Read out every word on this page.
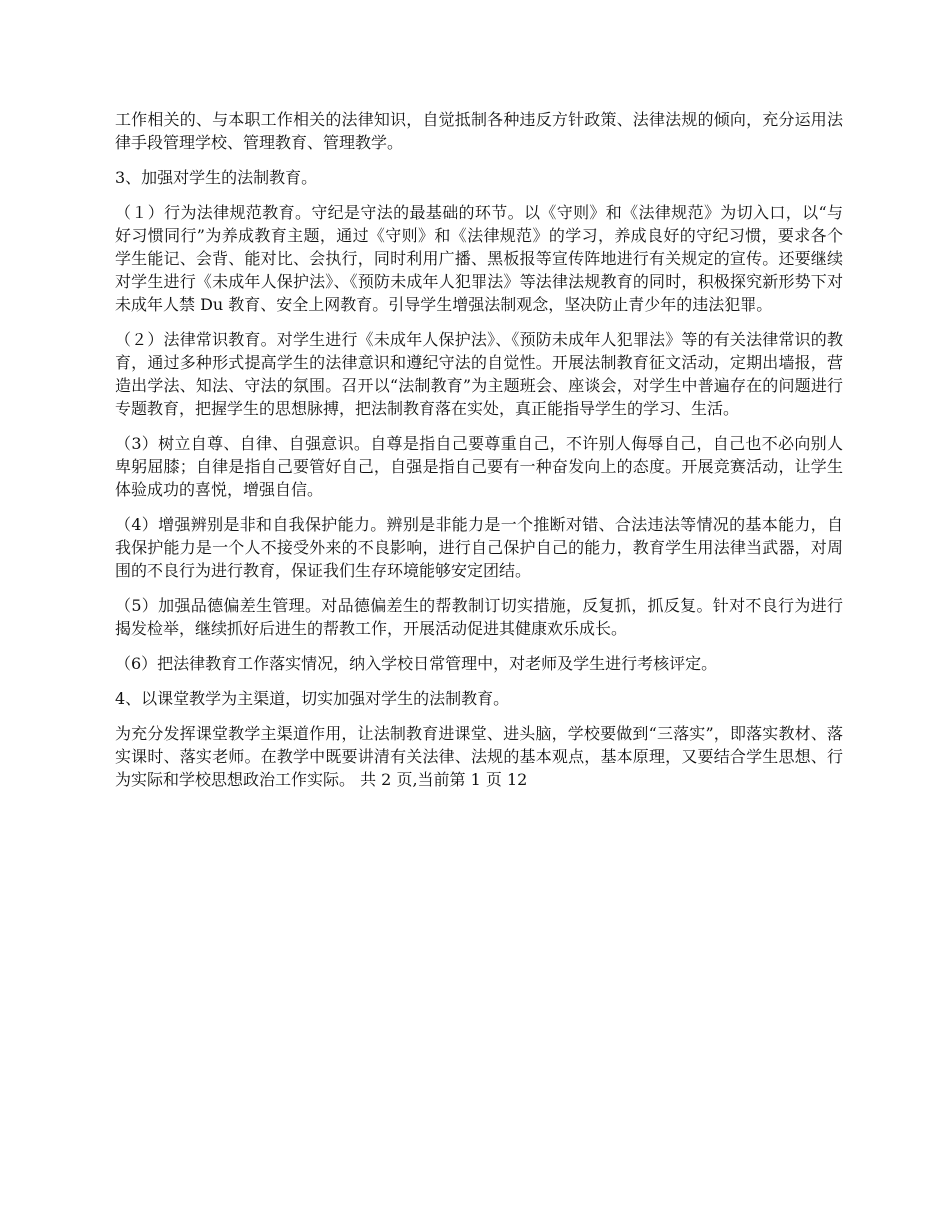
工作相关的、与本职工作相关的法律知识，自觉抵制各种违反方针政策、法律法规的倾向，充分运用法律手段管理学校、管理教育、管理教学。

3、加强对学生的法制教育。

（１）行为法律规范教育。守纪是守法的最基础的环节。以《守则》和《法律规范》为切入口，以“与好习惯同行”为养成教育主题，通过《守则》和《法律规范》的学习，养成良好的守纪习惯，要求各个学生能记、会背、能对比、会执行，同时利用广播、黑板报等宣传阵地进行有关规定的宣传。还要继续对学生进行《未成年人保护法》、《预防未成年人犯罪法》等法律法规教育的同时，积极探究新形势下对未成年人禁 Du 教育、安全上网教育。引导学生增强法制观念，坚决防止青少年的违法犯罪。

（２）法律常识教育。对学生进行《未成年人保护法》、《预防未成年人犯罪法》等的有关法律常识的教育，通过多种形式提高学生的法律意识和遵纪守法的自觉性。开展法制教育征文活动，定期出墙报，营造出学法、知法、守法的氛围。召开以“法制教育”为主题班会、座谈会，对学生中普遍存在的问题进行专题教育，把握学生的思想脉搏，把法制教育落在实处，真正能指导学生的学习、生活。

（3）树立自尊、自律、自强意识。自尊是指自己要尊重自己，不许别人侮辱自己，自己也不必向别人卑躬屈膝；自律是指自己要管好自己，自强是指自己要有一种奋发向上的态度。开展竞赛活动，让学生体验成功的喜悦，增强自信。

（4）增强辨别是非和自我保护能力。辨别是非能力是一个推断对错、合法违法等情况的基本能力，自我保护能力是一个人不接受外来的不良影响，进行自己保护自己的能力，教育学生用法律当武器，对周围的不良行为进行教育，保证我们生存环境能够安定团结。

（5）加强品德偏差生管理。对品德偏差生的帮教制订切实措施，反复抓，抓反复。针对不良行为进行揭发检举，继续抓好后进生的帮教工作，开展活动促进其健康欢乐成长。

（6）把法律教育工作落实情况，纳入学校日常管理中，对老师及学生进行考核评定。

4、以课堂教学为主渠道，切实加强对学生的法制教育。

为充分发挥课堂教学主渠道作用，让法制教育进课堂、进头脑，学校要做到“三落实”，即落实教材、落实课时、落实老师。在教学中既要讲清有关法律、法规的基本观点，基本原理，又要结合学生思想、行为实际和学校思想政治工作实际。 共 2 页,当前第 1 页 12
